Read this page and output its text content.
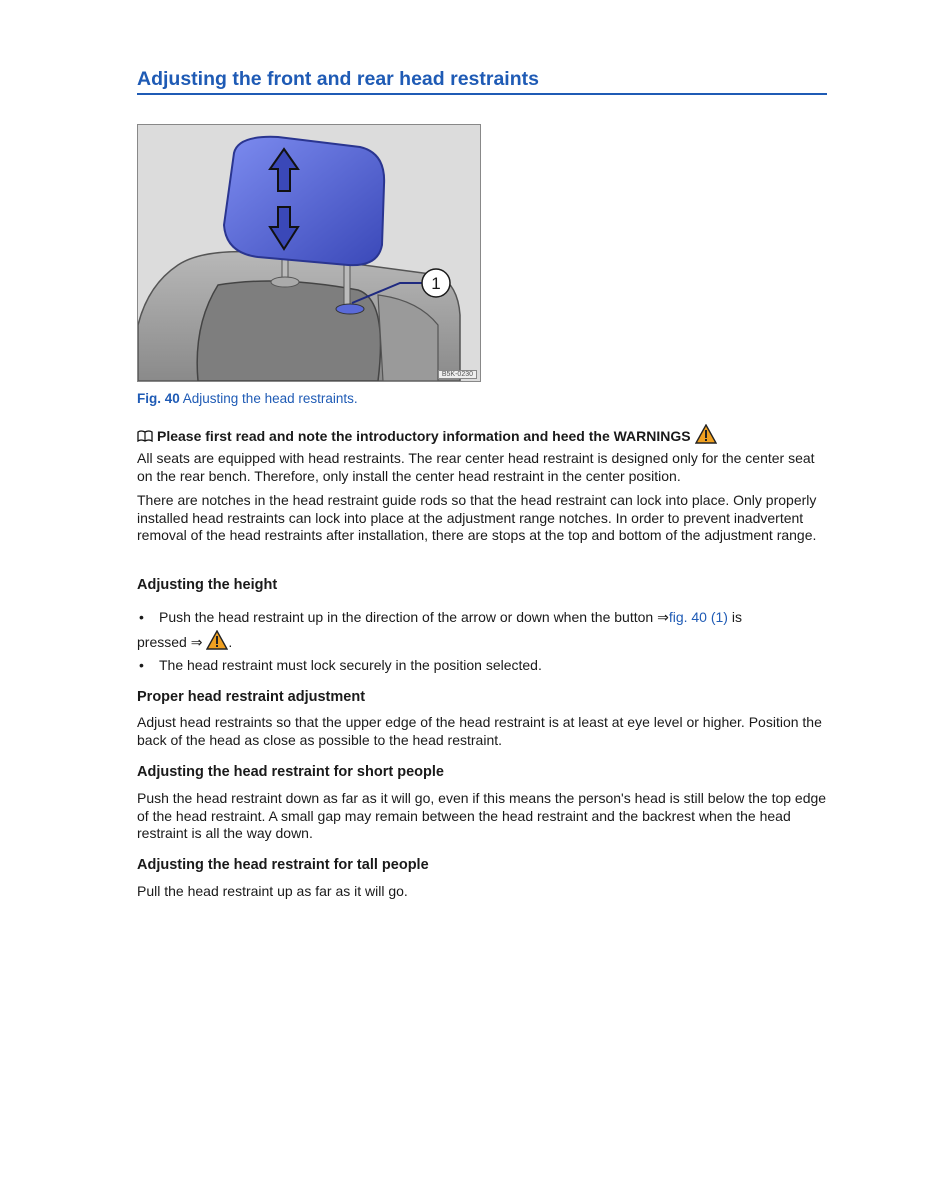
Adjusting the front and rear head restraints
1
B5K-0230
Fig. 40 Adjusting the head restraints.
Please first read and note the introductory information and heed the WARNINGS

All seats are equipped with head restraints. The rear center head restraint is designed only for the center seat on the rear bench. Therefore, only install the center head restraint in the center position.

There are notches in the head restraint guide rods so that the head restraint can lock into place. Only properly installed head restraints can lock into place at the adjustment range notches. In order to prevent inadvertent removal of the head restraints after installation, there are stops at the top and bottom of the adjustment range.

Adjusting the height
•	Push the head restraint up in the direction of the arrow or down when the button ⇒fig. 40 (1) is
pressed ⇒ .
•	The head restraint must lock securely in the position selected.
Proper head restraint adjustment

Adjust head restraints so that the upper edge of the head restraint is at least at eye level or higher. Position the back of the head as close as possible to the head restraint.

Adjusting the head restraint for short people

Push the head restraint down as far as it will go, even if this means the person's head is still below the top edge of the head restraint. A small gap may remain between the head restraint and the backrest when the head restraint is all the way down.

Adjusting the head restraint for tall people

Pull the head restraint up as far as it will go.
